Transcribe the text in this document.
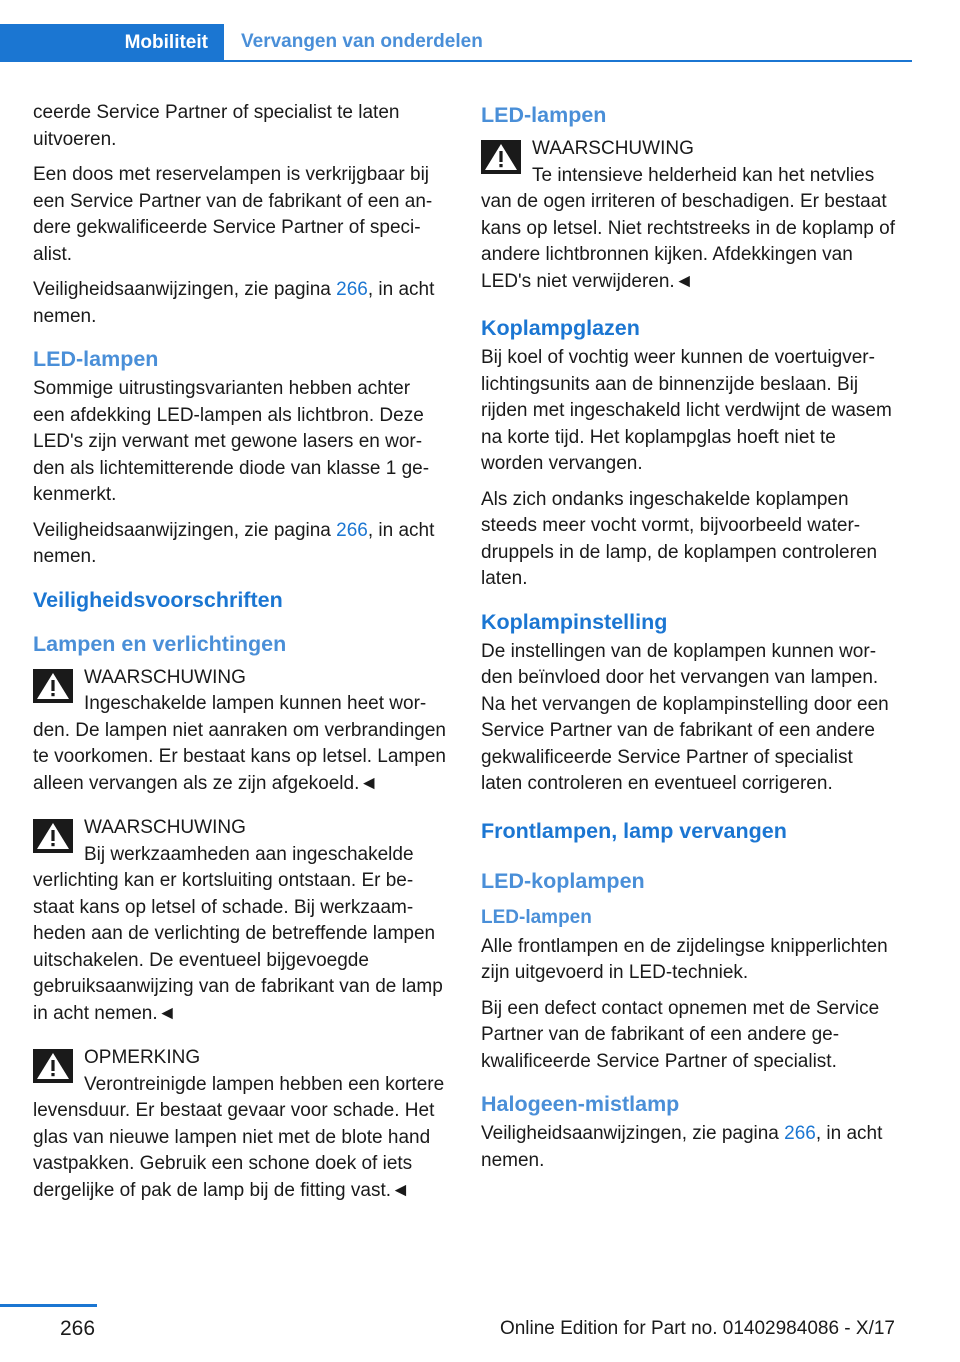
Mobiliteit	Vervangen van onderdelen

ceerde Service Partner of specialist te laten uitvoeren.

Een doos met reservelampen is verkrijgbaar bij een Service Partner van de fabrikant of een andere gekwalificeerde Service Partner of specialist.

Veiligheidsaanwijzingen, zie pagina 266, in acht nemen.

LED-lampen

Sommige uitrustingsvarianten hebben achter een afdekking LED-lampen als lichtbron. Deze LED's zijn verwant met gewone lasers en worden als lichtemitterende diode van klasse 1 gekenmerkt.

Veiligheidsaanwijzingen, zie pagina 266, in acht nemen.

Veiligheidsvoorschriften
Lampen en verlichtingen
WAARSCHUWING
Ingeschakelde lampen kunnen heet worden. De lampen niet aanraken om verbrandingen te voorkomen. Er bestaat kans op letsel. Lampen alleen vervangen als ze zijn afgekoeld.◄
WAARSCHUWING
Bij werkzaamheden aan ingeschakelde verlichting kan er kortsluiting ontstaan. Er bestaat kans op letsel of schade. Bij werkzaamheden aan de verlichting de betreffende lampen uitschakelen. De eventueel bijgevoegde gebruiksaanwijzing van de fabrikant van de lamp in acht nemen.◄
OPMERKING
Verontreinigde lampen hebben een kortere levensduur. Er bestaat gevaar voor schade. Het glas van nieuwe lampen niet met de blote hand vastpakken. Gebruik een schone doek of iets dergelijke of pak de lamp bij de fitting vast.◄
LED-lampen
WAARSCHUWING
Te intensieve helderheid kan het netvlies van de ogen irriteren of beschadigen. Er bestaat kans op letsel. Niet rechtstreeks in de koplamp of andere lichtbronnen kijken. Afdekkingen van LED's niet verwijderen.◄
Koplampglazen

Bij koel of vochtig weer kunnen de voertuigverlichtingsunits aan de binnenzijde beslaan. Bij rijden met ingeschakeld licht verdwijnt de wasem na korte tijd. Het koplampglas hoeft niet te worden vervangen.

Als zich ondanks ingeschakelde koplampen steeds meer vocht vormt, bijvoorbeeld waterdruppels in de lamp, de koplampen controleren laten.

Koplampinstelling

De instellingen van de koplampen kunnen worden beïnvloed door het vervangen van lampen. Na het vervangen de koplampinstelling door een Service Partner van de fabrikant of een andere gekwalificeerde Service Partner of specialist laten controleren en eventueel corrigeren.

Frontlampen, lamp vervangen
LED-koplampen
LED-lampen

Alle frontlampen en de zijdelingse knipperlichten zijn uitgevoerd in LED-techniek.

Bij een defect contact opnemen met de Service Partner van de fabrikant of een andere gekwalificeerde Service Partner of specialist.

Halogeen-mistlamp

Veiligheidsaanwijzingen, zie pagina 266, in acht nemen.

266	Online Edition for Part no. 01402984086 - X/17
